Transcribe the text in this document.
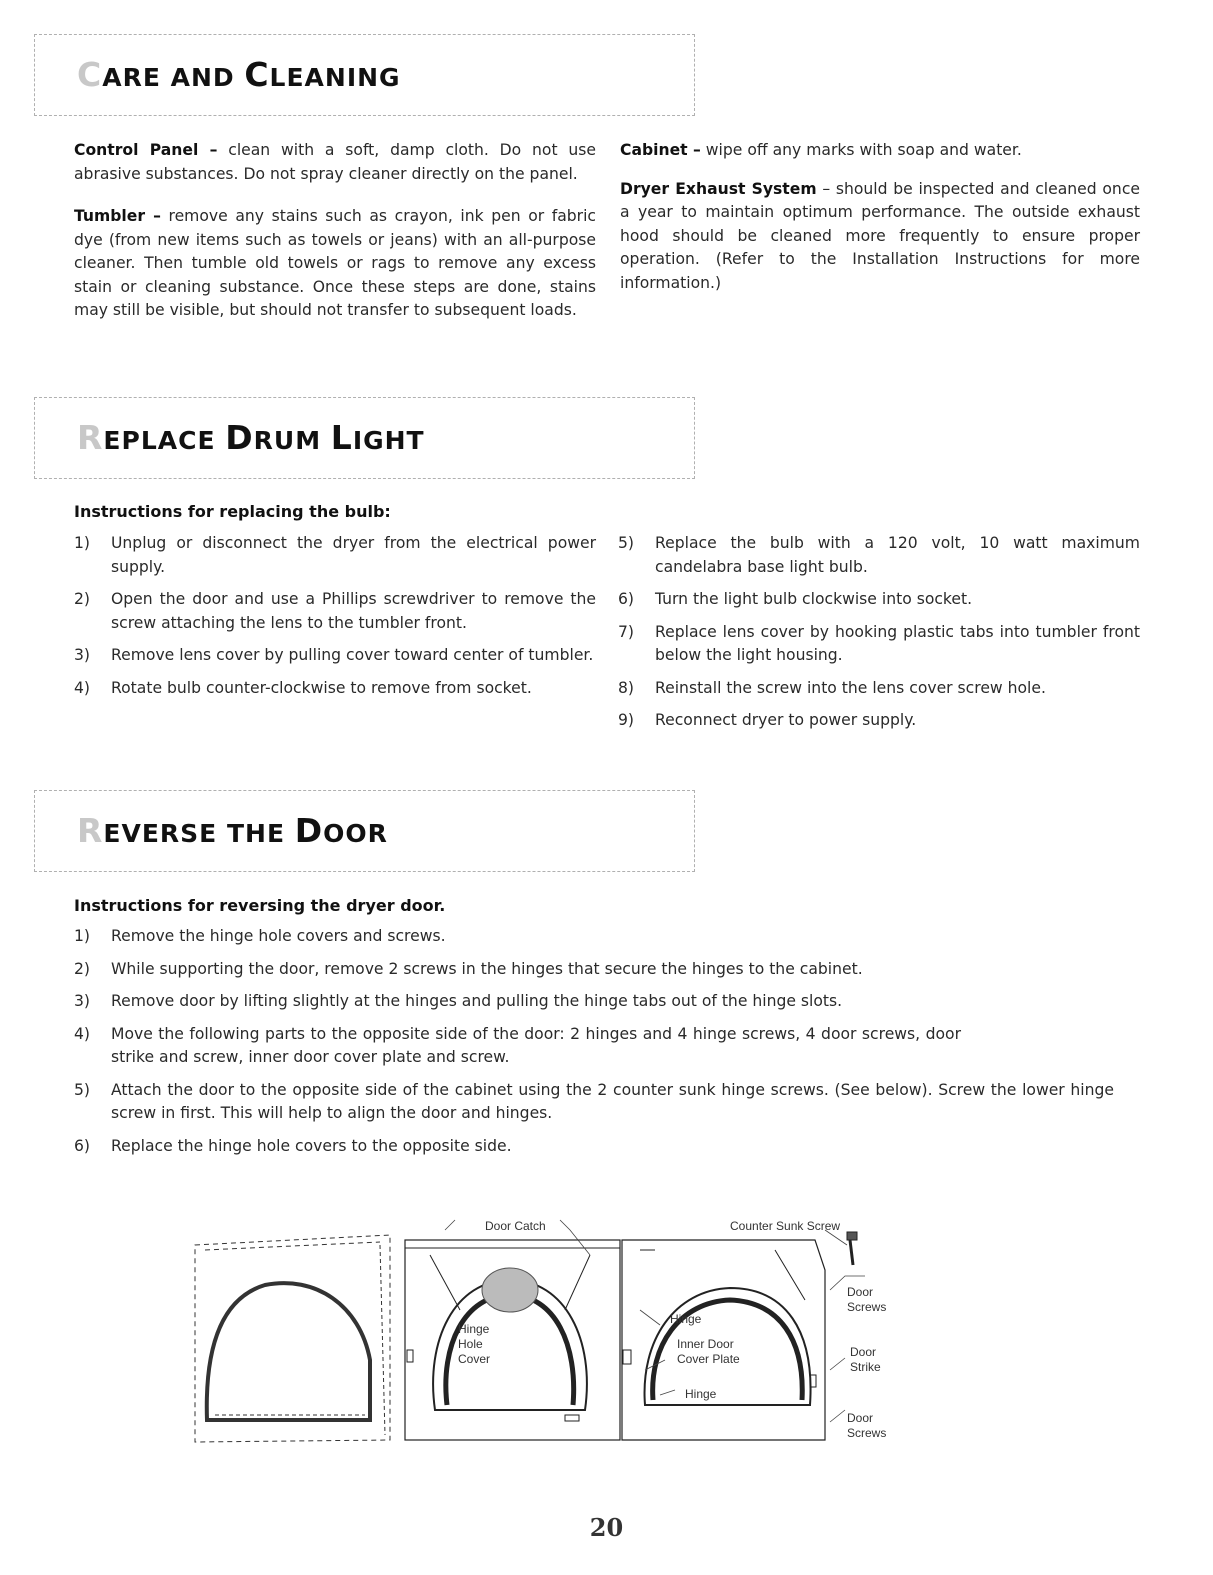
CARE AND CLEANING

Control Panel – clean with a soft, damp cloth. Do not use abrasive substances. Do not spray cleaner directly on the panel.

Tumbler – remove any stains such as crayon, ink pen or fabric dye (from new items such as towels or jeans) with an all-purpose cleaner. Then tumble old towels or rags to remove any excess stain or cleaning substance. Once these steps are done, stains may still be visible, but should not transfer to subsequent loads.

Cabinet – wipe off any marks with soap and water.

Dryer Exhaust System – should be inspected and cleaned once a year to maintain optimum performance. The outside exhaust hood should be cleaned more frequently to ensure proper operation. (Refer to the Installation Instructions for more information.)

REPLACE DRUM LIGHT

Instructions for replacing the bulb:

1) Unplug or disconnect the dryer from the electrical power supply.
2) Open the door and use a Phillips screwdriver to remove the screw attaching the lens to the tumbler front.
3) Remove lens cover by pulling cover toward center of tumbler.
4) Rotate bulb counter-clockwise to remove from socket.
5) Replace the bulb with a 120 volt, 10 watt maximum candelabra base light bulb.
6) Turn the light bulb clockwise into socket.
7) Replace lens cover by hooking plastic tabs into tumbler front below the light housing.
8) Reinstall the screw into the lens cover screw hole.
9) Reconnect dryer to power supply.
REVERSE THE DOOR

Instructions for reversing the dryer door.

1) Remove the hinge hole covers and screws.
2) While supporting the door, remove 2 screws in the hinges that secure the hinges to the cabinet.
3) Remove door by lifting slightly at the hinges and pulling the hinge tabs out of the hinge slots.
4) Move the following parts to the opposite side of the door: 2 hinges and 4 hinge screws, 4 door screws, door strike and screw, inner door cover plate and screw.
5) Attach the door to the opposite side of the cabinet using the 2 counter sunk hinge screws. (See below). Screw the lower hinge screw in first. This will help to align the door and hinges.
6) Replace the hinge hole covers to the opposite side.
Door Catch	Counter Sunk Screw
Hinge
Hole
Cover
Hinge
Inner Door
Cover Plate
Hinge
Door
Screws
Door
Strike
Door
Screws
20
